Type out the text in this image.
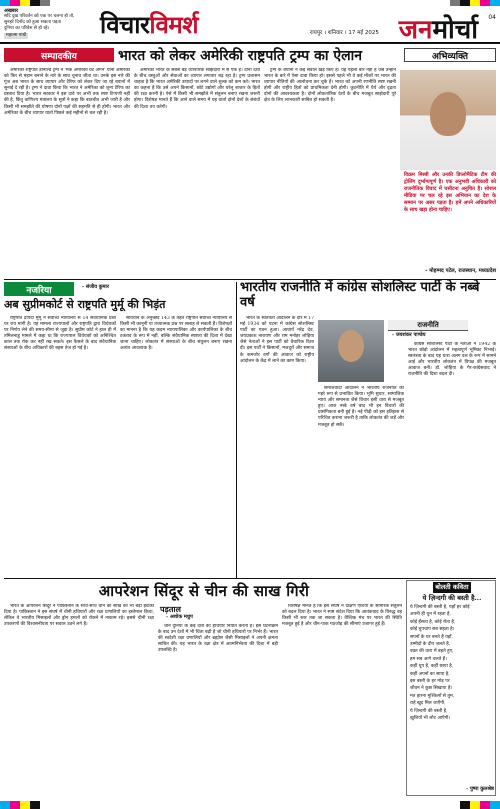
अखबार
सदि दुख परिवर्तन को एक पर चलना हो तो,
सुनहरे दिनोंद को हुआ सकता पड़ता
दुनिया का परिवेश से हो रहे।
महात्मा गांधी	विचारविमर्श	रायपुर । शनिवार । 17 मई 2025 जनमोर्चा 04
सम्पादकीय	भारत को लेकर अमेरिकी राष्ट्रपति ट्रम्प का ऐलान

अमेरिकी राष्ट्रपति डोनाल्ड ट्रम्प ने 'मेक अमेरिका ग्रेट अगेन' यानी अमेरिका को फिर से महान बनाने के नारे के साथ चुनाव जीता था। उनके इस नारे की गूंज अब भारत के साथ व्यापार और टैरिफ को लेकर दिए जा रहे बयानों में सुनाई दे रही है। ट्रम्प ने दावा किया कि भारत ने अमेरिका को शून्य टैरिफ का प्रस्ताव दिया है। भारत सरकार ने इस दावे पर अभी तक स्पष्ट टिप्पणी नहीं की है, किंतु वाणिज्य मंत्रालय के सूत्रों ने कहा कि बातचीत अभी जारी है और किसी भी समझौते की घोषणा दोनों पक्षों की सहमति से ही होगी। भारत और अमेरिका के बीच व्यापार वार्ता पिछले कई महीनों से चल रही है।

अमेरिका भारत के सबसे बड़े व्यापारिक साझेदारों में से एक है। दोनों देशों के बीच वस्तुओं और सेवाओं का व्यापार लगातार बढ़ रहा है। ट्रम्प प्रशासन चाहता है कि भारत अमेरिकी उत्पादों पर लगने वाले शुल्क को कम करे। भारत का कहना है कि उसे अपने किसानों, छोटे उद्योगों और घरेलू बाजार के हितों की रक्षा करनी है। ऐसे में किसी भी समझौते में संतुलन बनाए रखना जरूरी होगा। विशेषज्ञ मानते हैं कि आने वाले समय में यह वार्ता दोनों देशों के संबंधों की दिशा तय करेगी।

ट्रम्प के बयानों ने कई सवाल खड़े किए हैं। यह पहली बार नहीं है जब उन्होंने भारत के बारे में ऐसा दावा किया हो। इससे पहले भी वे कई मौकों पर भारत की व्यापार नीतियों की आलोचना कर चुके हैं। भारत को अपनी रणनीति स्पष्ट रखनी होगी और राष्ट्रीय हितों को प्राथमिकता देनी होगी। कूटनीति में धैर्य और दृढ़ता दोनों की आवश्यकता है। दोनों लोकतांत्रिक देशों के बीच मजबूत साझेदारी पूरे क्षेत्र के लिए लाभकारी साबित हो सकती है।

अभिव्यक्ति
विक्रम मिस्त्री और उनकी डिप्लोमैटिक टीम की ट्रोलिंग दुर्भाग्यपूर्ण है। एक अनुभवी अधिकारी को राजनीतिक विवाद में घसीटना अनुचित है। सोशल मीडिया पर चल रहे इस अभियान का देश के सम्मान पर असर पड़ता है। हमें अपने अधिकारियों के साथ खड़ा होना चाहिए।
- मोहम्मद पटेल, राजस्थान, मध्यप्रदेश
नजरिया	- संजीव कुमार
अब सुप्रीमकोर्ट से राष्ट्रपति मुर्मू की भिड़ंत

राष्ट्रपति द्रौपदी मुर्मू ने सर्वोच्च न्यायालय से 14 संवैधानिक प्रश्नों पर राय मांगी है। यह मामला राज्यपालों और राष्ट्रपति द्वारा विधेयकों पर निर्णय लेने की समय-सीमा से जुड़ा है। सुप्रीम कोर्ट ने हाल ही में तमिलनाडु मामले में कहा था कि राज्यपाल विधेयकों को अनिश्चित काल तक रोक कर नहीं रख सकते। इस फैसले के बाद संवैधानिक संस्थाओं के बीच अधिकारों की बहस तेज हो गई है।

संविधान के अनुच्छेद 143 के तहत राष्ट्रपति सर्वोच्च न्यायालय से किसी भी कानूनी या तथ्यात्मक प्रश्न पर सलाह ले सकती हैं। विशेषज्ञों का मानना है कि यह कदम न्यायपालिका और कार्यपालिका के बीच टकराव के रूप में नहीं, बल्कि संवैधानिक स्पष्टता की दिशा में देखा जाना चाहिए। लोकतंत्र में संस्थाओं के बीच संतुलन बनाए रखना अत्यंत आवश्यक है।

भारतीय राजनीति में कांग्रेस सोशलिस्ट पार्टी के नब्बे वर्ष

भारत के स्वतंत्रता आंदोलन के दौर में 17 मई 1934 को पटना में कांग्रेस सोशलिस्ट पार्टी का गठन हुआ। आचार्य नरेंद्र देव, जयप्रकाश नारायण और राम मनोहर लोहिया जैसे नेताओं ने इस पार्टी को वैचारिक दिशा दी। इस पार्टी ने किसानों, मजदूरों और समाज के कमजोर वर्गों की आवाज को राष्ट्रीय आंदोलन के केंद्र में लाने का काम किया।

राजनीति
- जयशंकर पाण्डेय

समाजवादी आंदोलन ने भारतीय राजनीति को गहरे रूप से प्रभावित किया। भूमि सुधार, सामाजिक न्याय और समानता जैसे विचार इसी धारा से मजबूत हुए। आज नब्बे वर्ष बाद भी इन विचारों की प्रासंगिकता बनी हुई है। नई पीढ़ी को इस इतिहास से परिचित कराना जरूरी है ताकि लोकतंत्र की जड़ें और मजबूत हो सकें।

कांग्रेस सोशलिस्ट पार्टी के नेताओं ने 1942 के भारत छोड़ो आंदोलन में महत्वपूर्ण भूमिका निभाई। स्वतंत्रता के बाद यह धारा अलग दल के रूप में सामने आई और भारतीय लोकतंत्र में विपक्ष की मजबूत आवाज बनी। डॉ. लोहिया के गैर-कांग्रेसवाद ने राजनीति की दिशा बदल दी।

आपरेशन सिंदूर से चीन की साख गिरी
पड़ताल
- अशोक मधुप

भारत के आपरेशन सिंदूर ने पाकिस्तान के साथ-साथ चीन की साख को भी बड़ा झटका दिया है। पाकिस्तान ने इस संघर्ष में चीनी हथियारों और रक्षा प्रणालियों का इस्तेमाल किया, लेकिन वे भारतीय मिसाइलों और ड्रोन हमलों को रोकने में नाकाम रहे। इससे चीनी रक्षा उपकरणों की विश्वसनीयता पर सवाल उठने लगे हैं।	चीन दुनिया के कई देशों को हथियार निर्यात करता है। इस घटनाक्रम के बाद उन देशों में भी चिंता बढ़ी है जो चीनी हथियारों पर निर्भर हैं। भारत की स्वदेशी रक्षा प्रणालियों और ब्रह्मोस जैसी मिसाइलों ने अपनी क्षमता साबित की। यह भारत के रक्षा क्षेत्र में आत्मनिर्भरता की दिशा में बड़ी उपलब्धि है।

विशेषज्ञ मानते हैं कि इस संघर्ष ने दक्षिण एशिया के सामरिक संतुलन को बदल दिया है। भारत ने स्पष्ट संदेश दिया कि आतंकवाद के विरुद्ध वह किसी भी स्तर तक जा सकता है। वैश्विक मंच पर भारत की स्थिति मजबूत हुई है और चीन-पाक गठजोड़ की सीमाएं उजागर हुई हैं।

बोलती कविता
ये ज़िन्दगी की बस्ती है...
ये ज़िन्दगी की बस्ती है, यहाँ हर कोई
अपनी ही धुन में रहता है,
कोई हँसता है, कोई रोता है,
कोई चुपचाप सब सहता है।
सपनों के घर बनते हैं यहाँ,
उम्मीदों के दीप जलते हैं,
वक़्त की धारा में बहते हुए,
हम सब आगे चलते हैं।
कहीं धूप है, कहीं छाया है,
कहीं अपनों का साया है,
इस बस्ती के हर मोड़ पर
जीवन ने कुछ सिखाया है।
मत हारना मुश्किलों से तुम,
राहें खुद मिल जाएँगी,
ये ज़िन्दगी की बस्ती है,
खुशियाँ भी लौट आएँगी।
- पुष्पा कुलश्रेष्ठ
